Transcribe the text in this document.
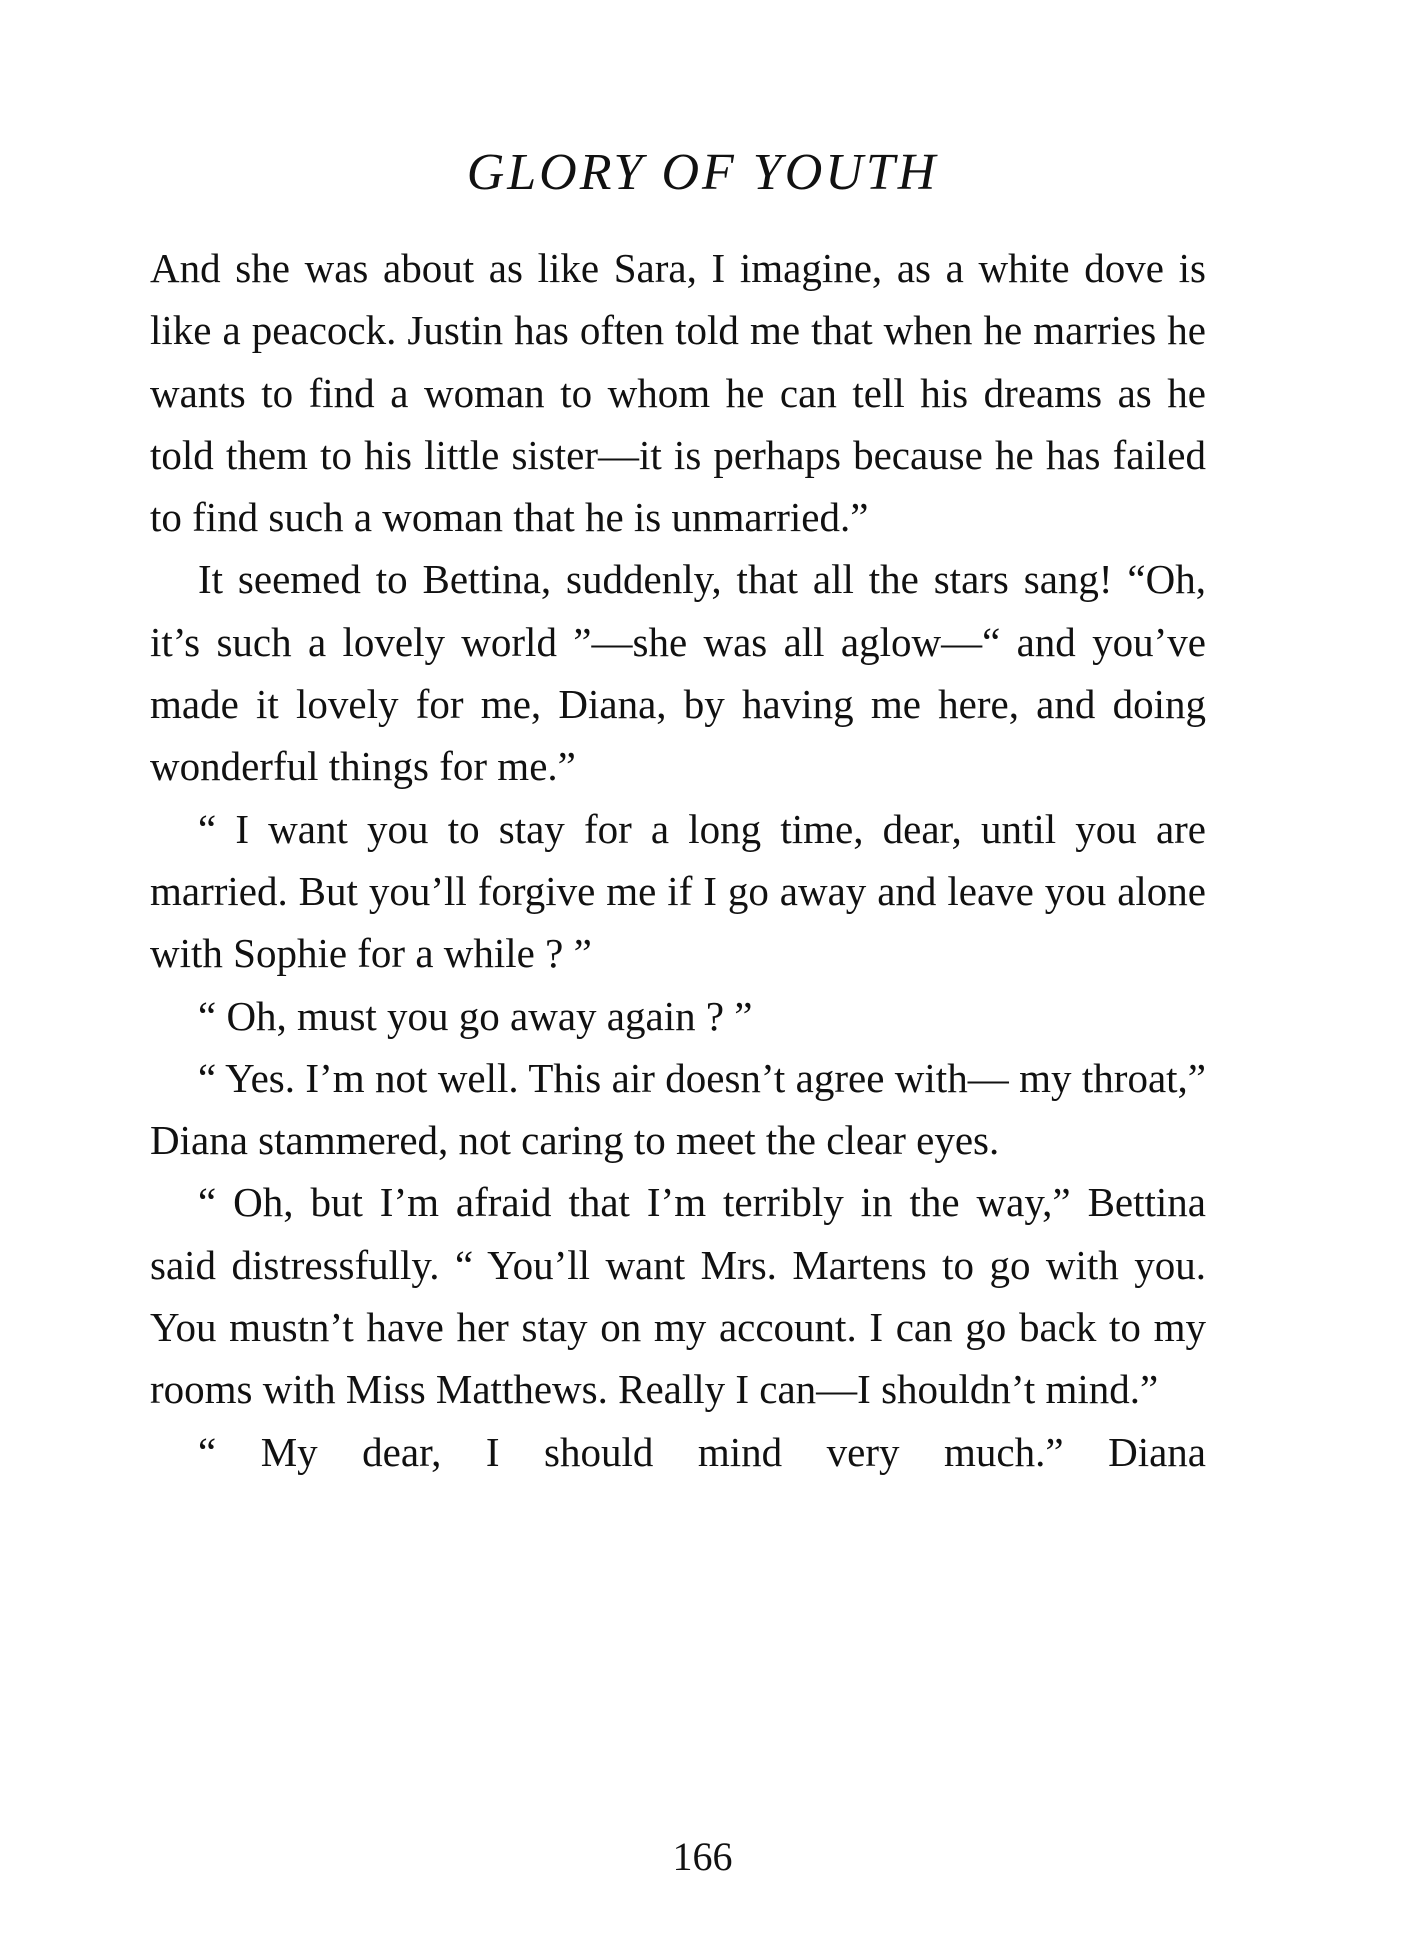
GLORY OF YOUTH

And she was about as like Sara, I imagine, as a white dove is like a peacock. Justin has often told me that when he marries he wants to find a woman to whom he can tell his dreams as he told them to his little sister—it is perhaps because he has failed to find such a woman that he is unmarried.”

It seemed to Bettina, suddenly, that all the stars sang! “Oh, it’s such a lovely world ”—she was all aglow—“ and you’ve made it lovely for me, Diana, by having me here, and doing wonderful things for me.”

“ I want you to stay for a long time, dear, until you are married. But you’ll forgive me if I go away and leave you alone with Sophie for a while ? ”

“ Oh, must you go away again ? ”

“ Yes. I’m not well. This air doesn’t agree with— my throat,” Diana stammered, not caring to meet the clear eyes.

“ Oh, but I’m afraid that I’m terribly in the way,” Bettina said distressfully. “ You’ll want Mrs. Martens to go with you. You mustn’t have her stay on my account. I can go back to my rooms with Miss Matthews. Really I can—I shouldn’t mind.”

“ My dear, I should mind very much.” Diana

166
